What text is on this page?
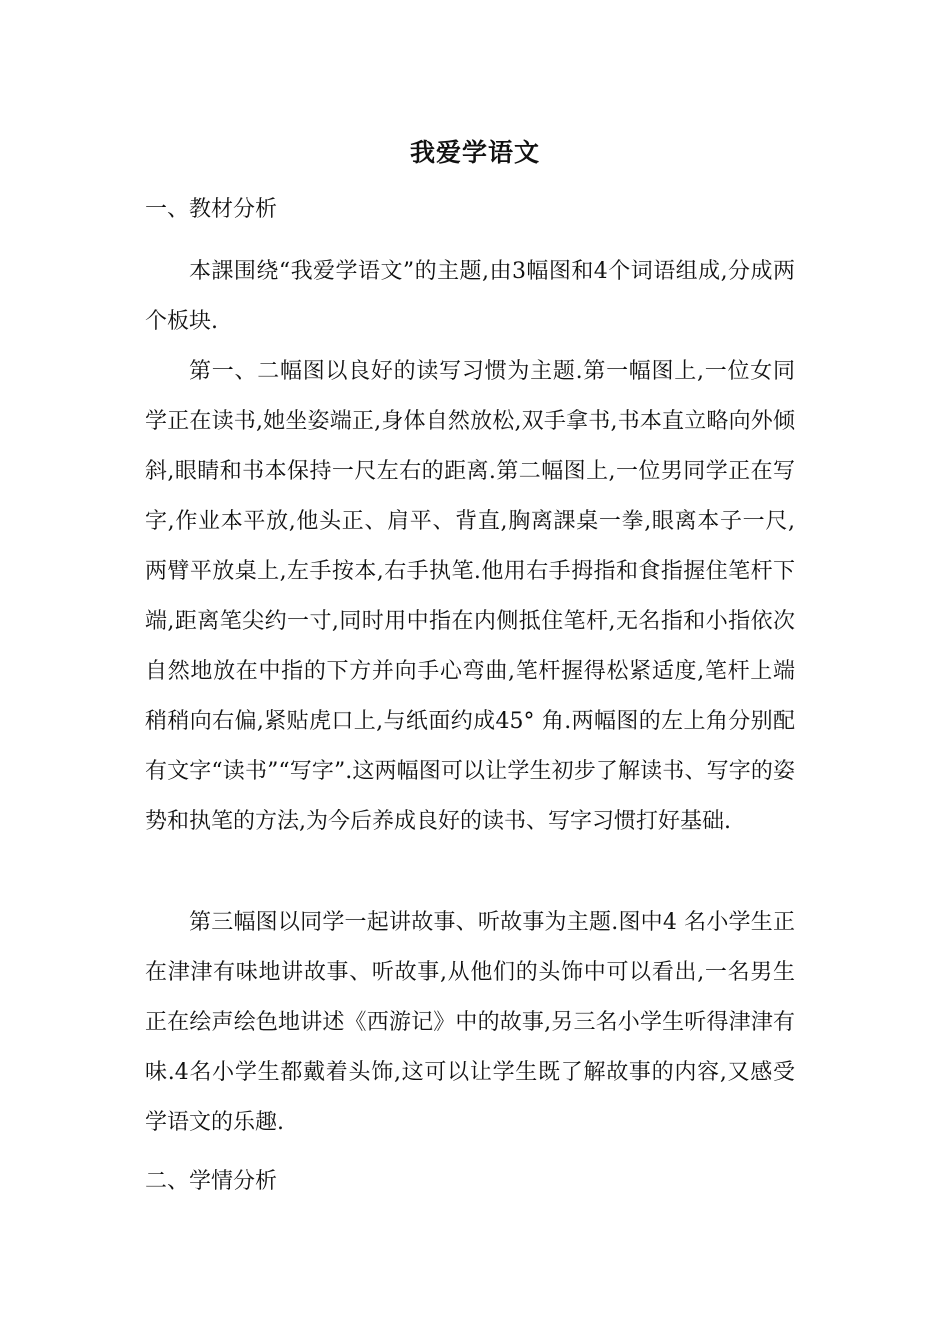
我爱学语文
一、教材分析
本課围绕“我爱学语文”的主题,由3幅图和4个词语组成,分成两个板块.
第一、二幅图以良好的读写习惯为主题.第一幅图上,一位女同学正在读书,她坐姿端正,身体自然放松,双手拿书,书本直立略向外倾斜,眼睛和书本保持一尺左右的距离.第二幅图上,一位男同学正在写字,作业本平放,他头正、肩平、背直,胸离課桌一拳,眼离本子一尺,两臂平放桌上,左手按本,右手执笔.他用右手拇指和食指握住笔杆下端,距离笔尖约一寸,同时用中指在内侧抵住笔杆,无名指和小指依次自然地放在中指的下方并向手心弯曲,笔杆握得松紧适度,笔杆上端稍稍向右偏,紧贴虎口上,与纸面约成45° 角.两幅图的左上角分别配有文字“读书”“写字”.这两幅图可以让学生初步了解读书、写字的姿势和执笔的方法,为今后养成良好的读书、写字习惯打好基础.
第三幅图以同学一起讲故事、听故事为主题.图中4 名小学生正在津津有味地讲故事、听故事,从他们的头饰中可以看出,一名男生正在绘声绘色地讲述《西游记》中的故事,另三名小学生听得津津有味.4名小学生都戴着头饰,这可以让学生既了解故事的内容,又感受学语文的乐趣.
二、学情分析
